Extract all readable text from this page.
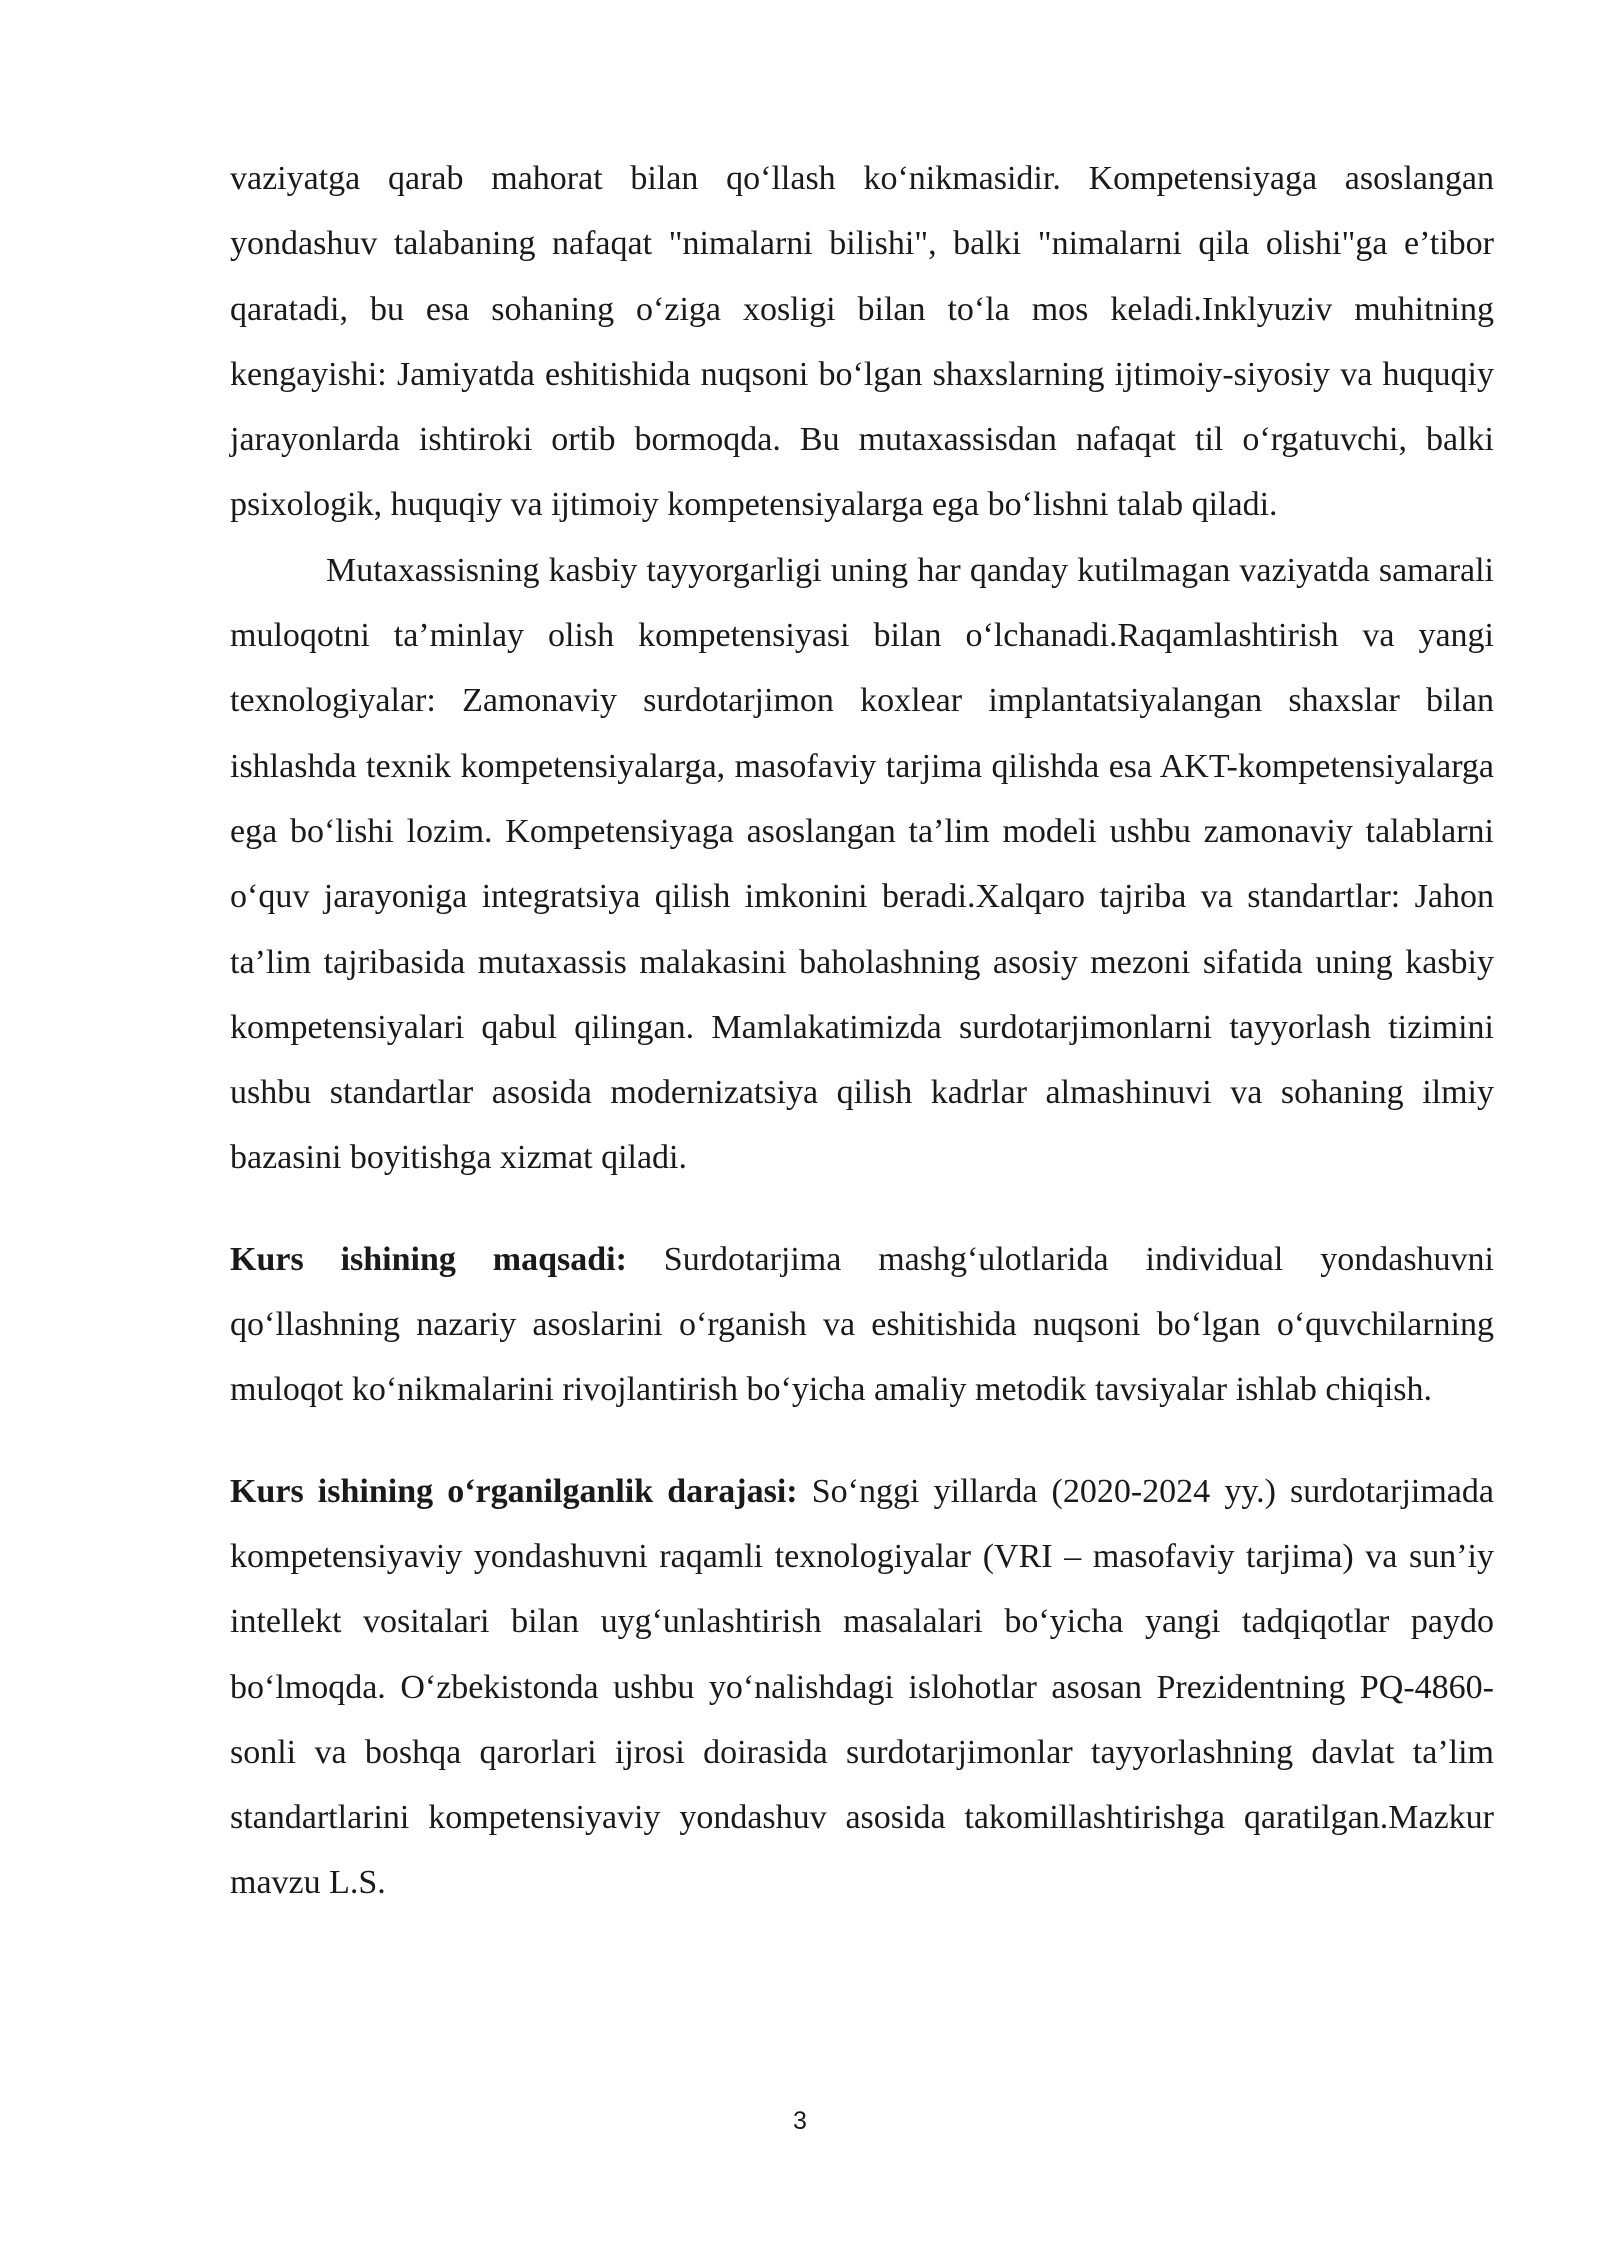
vaziyatga qarab mahorat bilan qo‘llash ko‘nikmasidir. Kompetensiyaga asoslangan yondashuv talabaning nafaqat "nimalarni bilishi", balki "nimalarni qila olishi"ga e’tibor qaratadi, bu esa sohaning o‘ziga xosligi bilan to‘la mos keladi.Inklyuziv muhitning kengayishi: Jamiyatda eshitishida nuqsoni bo‘lgan shaxslarning ijtimoiy-siyosiy va huquqiy jarayonlarda ishtiroki ortib bormoqda. Bu mutaxassisdan nafaqat til o‘rgatuvchi, balki psixologik, huquqiy va ijtimoiy kompetensiyalarga ega bo‘lishni talab qiladi.

Mutaxassisning kasbiy tayyorgarligi uning har qanday kutilmagan vaziyatda samarali muloqotni ta’minlay olish kompetensiyasi bilan o‘lchanadi.Raqamlashtirish va yangi texnologiyalar: Zamonaviy surdotarjimon koxlear implantatsiyalangan shaxslar bilan ishlashda texnik kompetensiyalarga, masofaviy tarjima qilishda esa AKT-kompetensiyalarga ega bo‘lishi lozim. Kompetensiyaga asoslangan ta’lim modeli ushbu zamonaviy talablarni o‘quv jarayoniga integratsiya qilish imkonini beradi.Xalqaro tajriba va standartlar: Jahon ta’lim tajribasida mutaxassis malakasini baholashning asosiy mezoni sifatida uning kasbiy kompetensiyalari qabul qilingan. Mamlakatimizda surdotarjimonlarni tayyorlash tizimini ushbu standartlar asosida modernizatsiya qilish kadrlar almashinuvi va sohaning ilmiy bazasini boyitishga xizmat qiladi.

Kurs ishining maqsadi: Surdotarjima mashg‘ulotlarida individual yondashuvni qo‘llashning nazariy asoslarini o‘rganish va eshitishida nuqsoni bo‘lgan o‘quvchilarning muloqot ko‘nikmalarini rivojlantirish bo‘yicha amaliy metodik tavsiyalar ishlab chiqish.

Kurs ishining o‘rganilganlik darajasi: So‘nggi yillarda (2020-2024 yy.) surdotarjimada kompetensiyaviy yondashuvni raqamli texnologiyalar (VRI – masofaviy tarjima) va sun’iy intellekt vositalari bilan uyg‘unlashtirish masalalari bo‘yicha yangi tadqiqotlar paydo bo‘lmoqda. O‘zbekistonda ushbu yo‘nalishdagi islohotlar asosan Prezidentning PQ-4860-sonli va boshqa qarorlari ijrosi doirasida surdotarjimonlar tayyorlashning davlat ta’lim standartlarini kompetensiyaviy yondashuv asosida takomillashtirishga qaratilgan.Mazkur mavzu L.S.

3
